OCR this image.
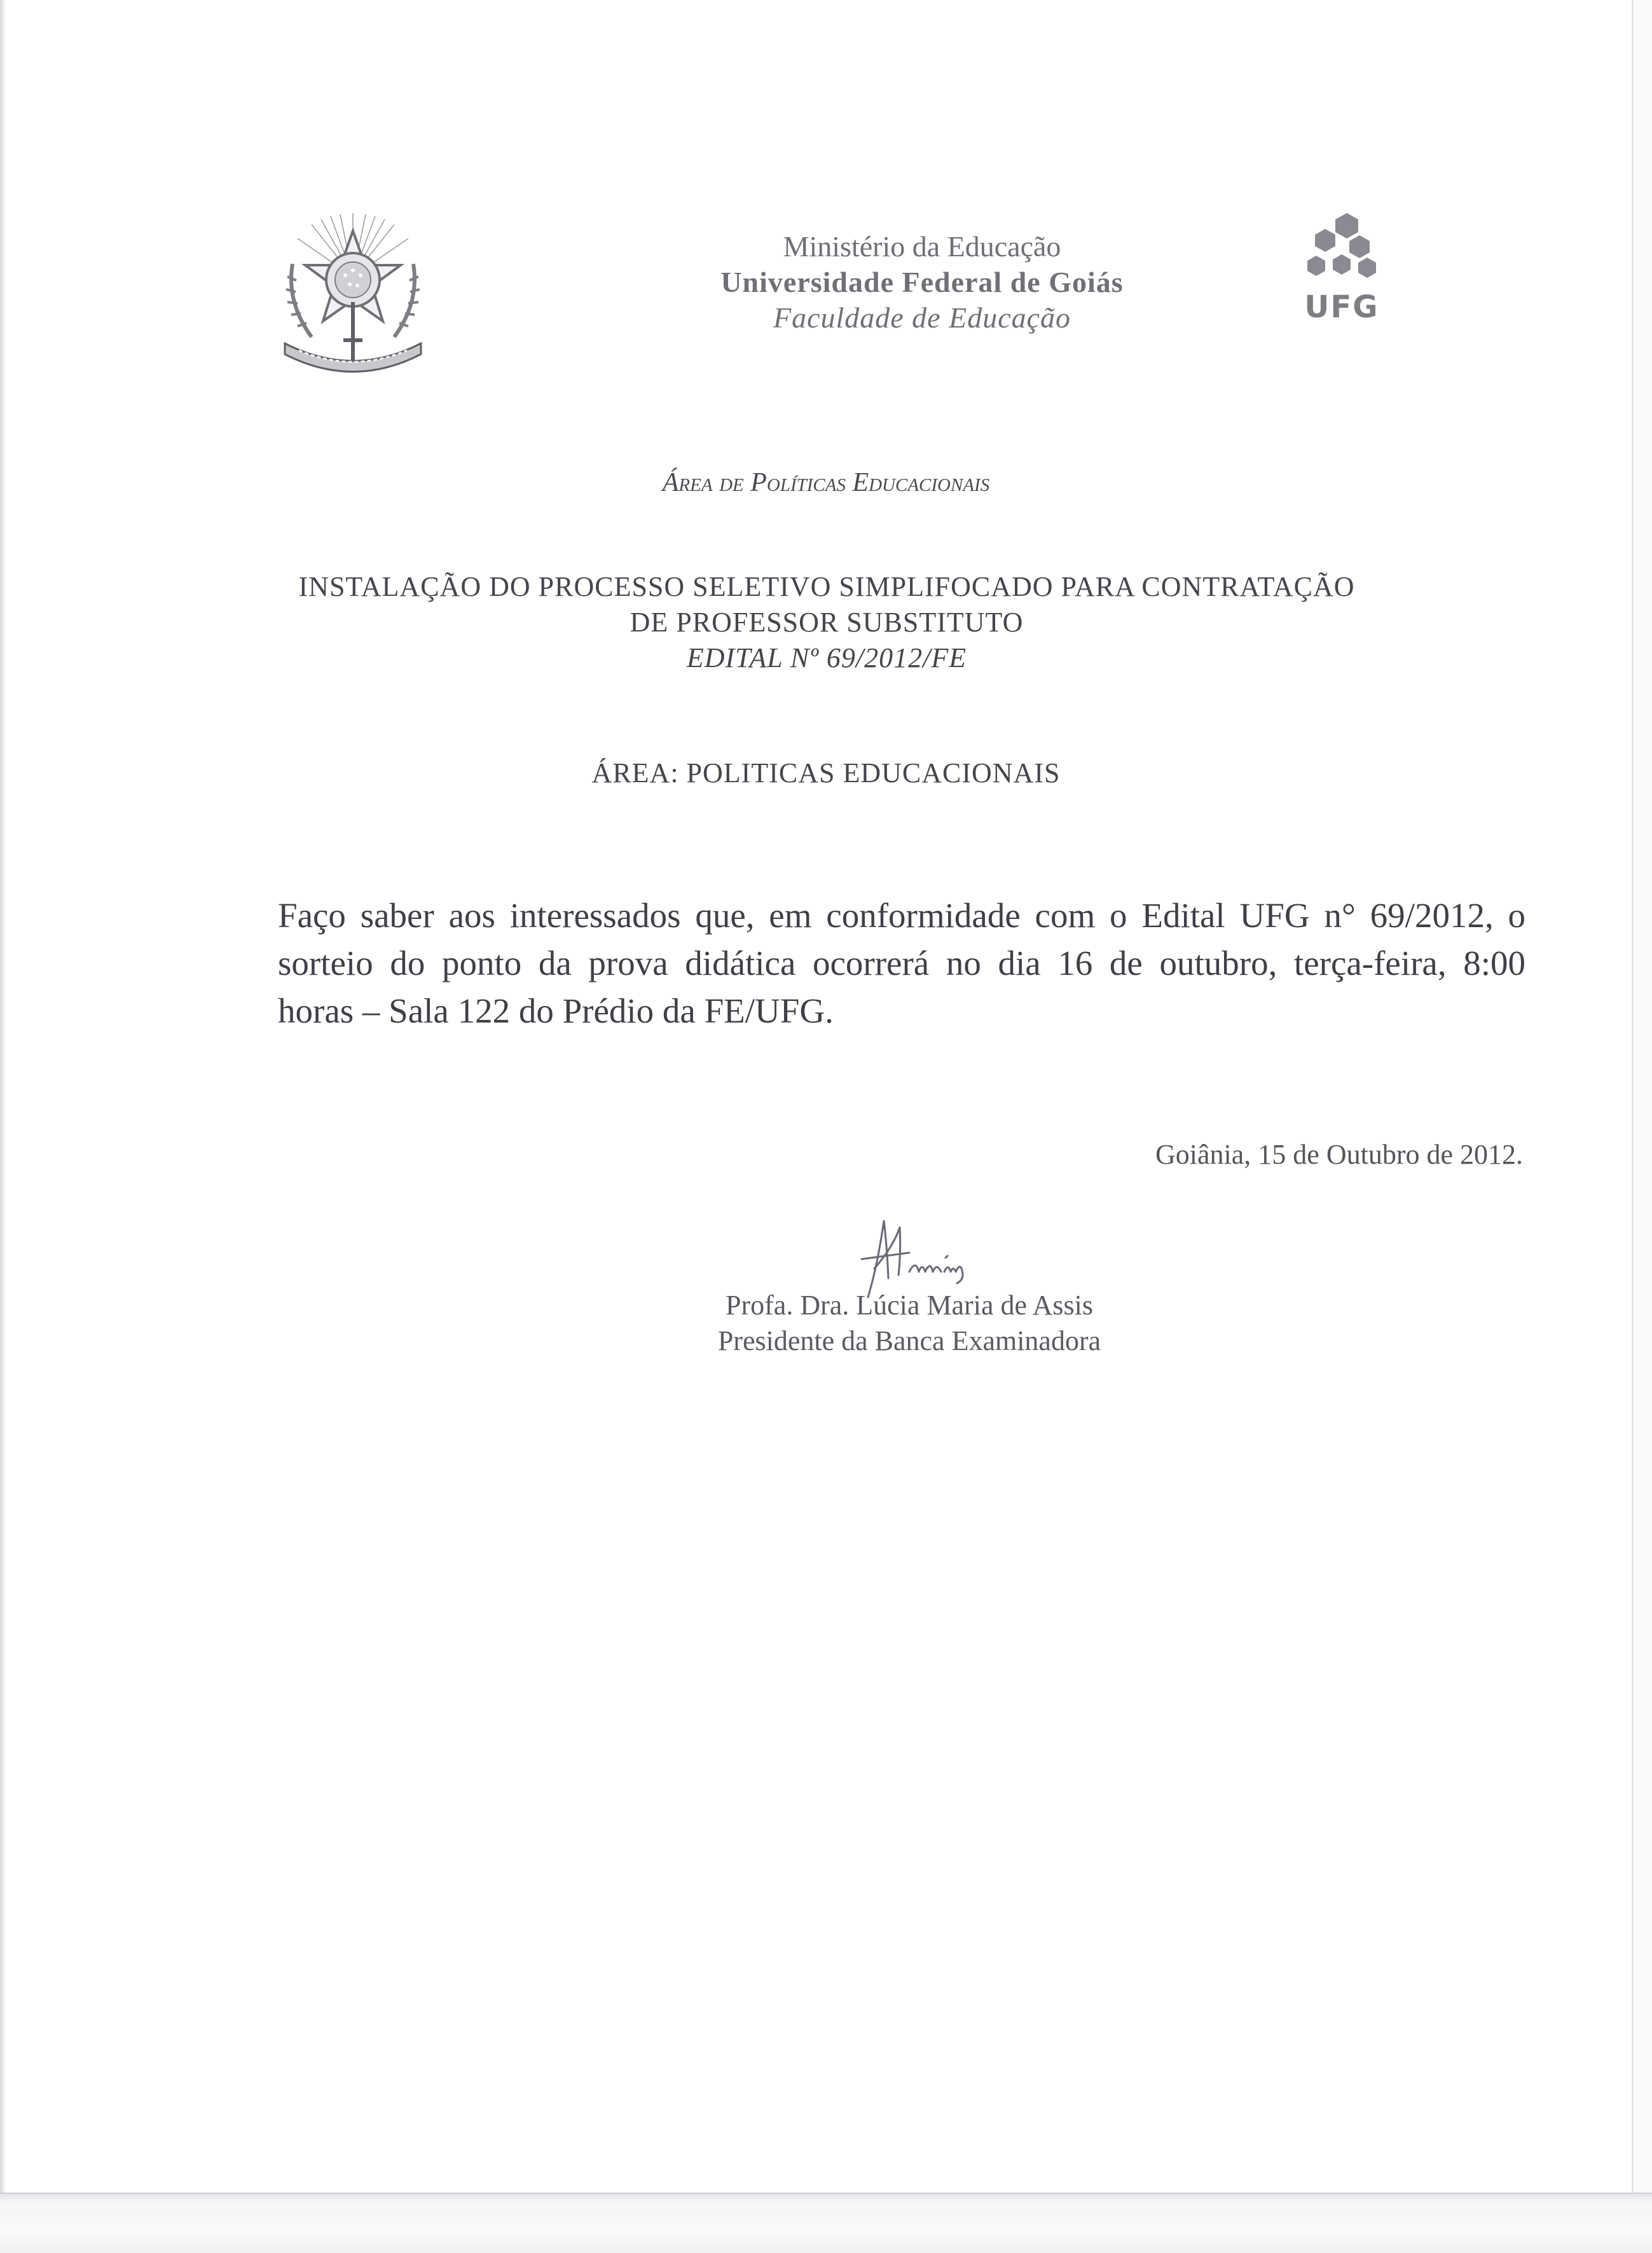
Ministério da Educação
Universidade Federal de Goiás
Faculdade de Educação	UFG
Área de Políticas Educacionais
INSTALAÇÃO DO PROCESSO SELETIVO SIMPLIFOCADO PARA CONTRATAÇÃO
DE PROFESSOR SUBSTITUTO
EDITAL Nº 69/2012/FE
ÁREA: POLITICAS EDUCACIONAIS
Faço saber aos interessados que, em conformidade com o Edital UFG n° 69/2012, o
sorteio do ponto da prova didática ocorrerá no dia 16 de outubro, terça-feira, 8:00
horas – Sala 122 do Prédio da FE/UFG.
Goiânia, 15 de Outubro de 2012.
Profa. Dra. Lúcia Maria de Assis
Presidente da Banca Examinadora
